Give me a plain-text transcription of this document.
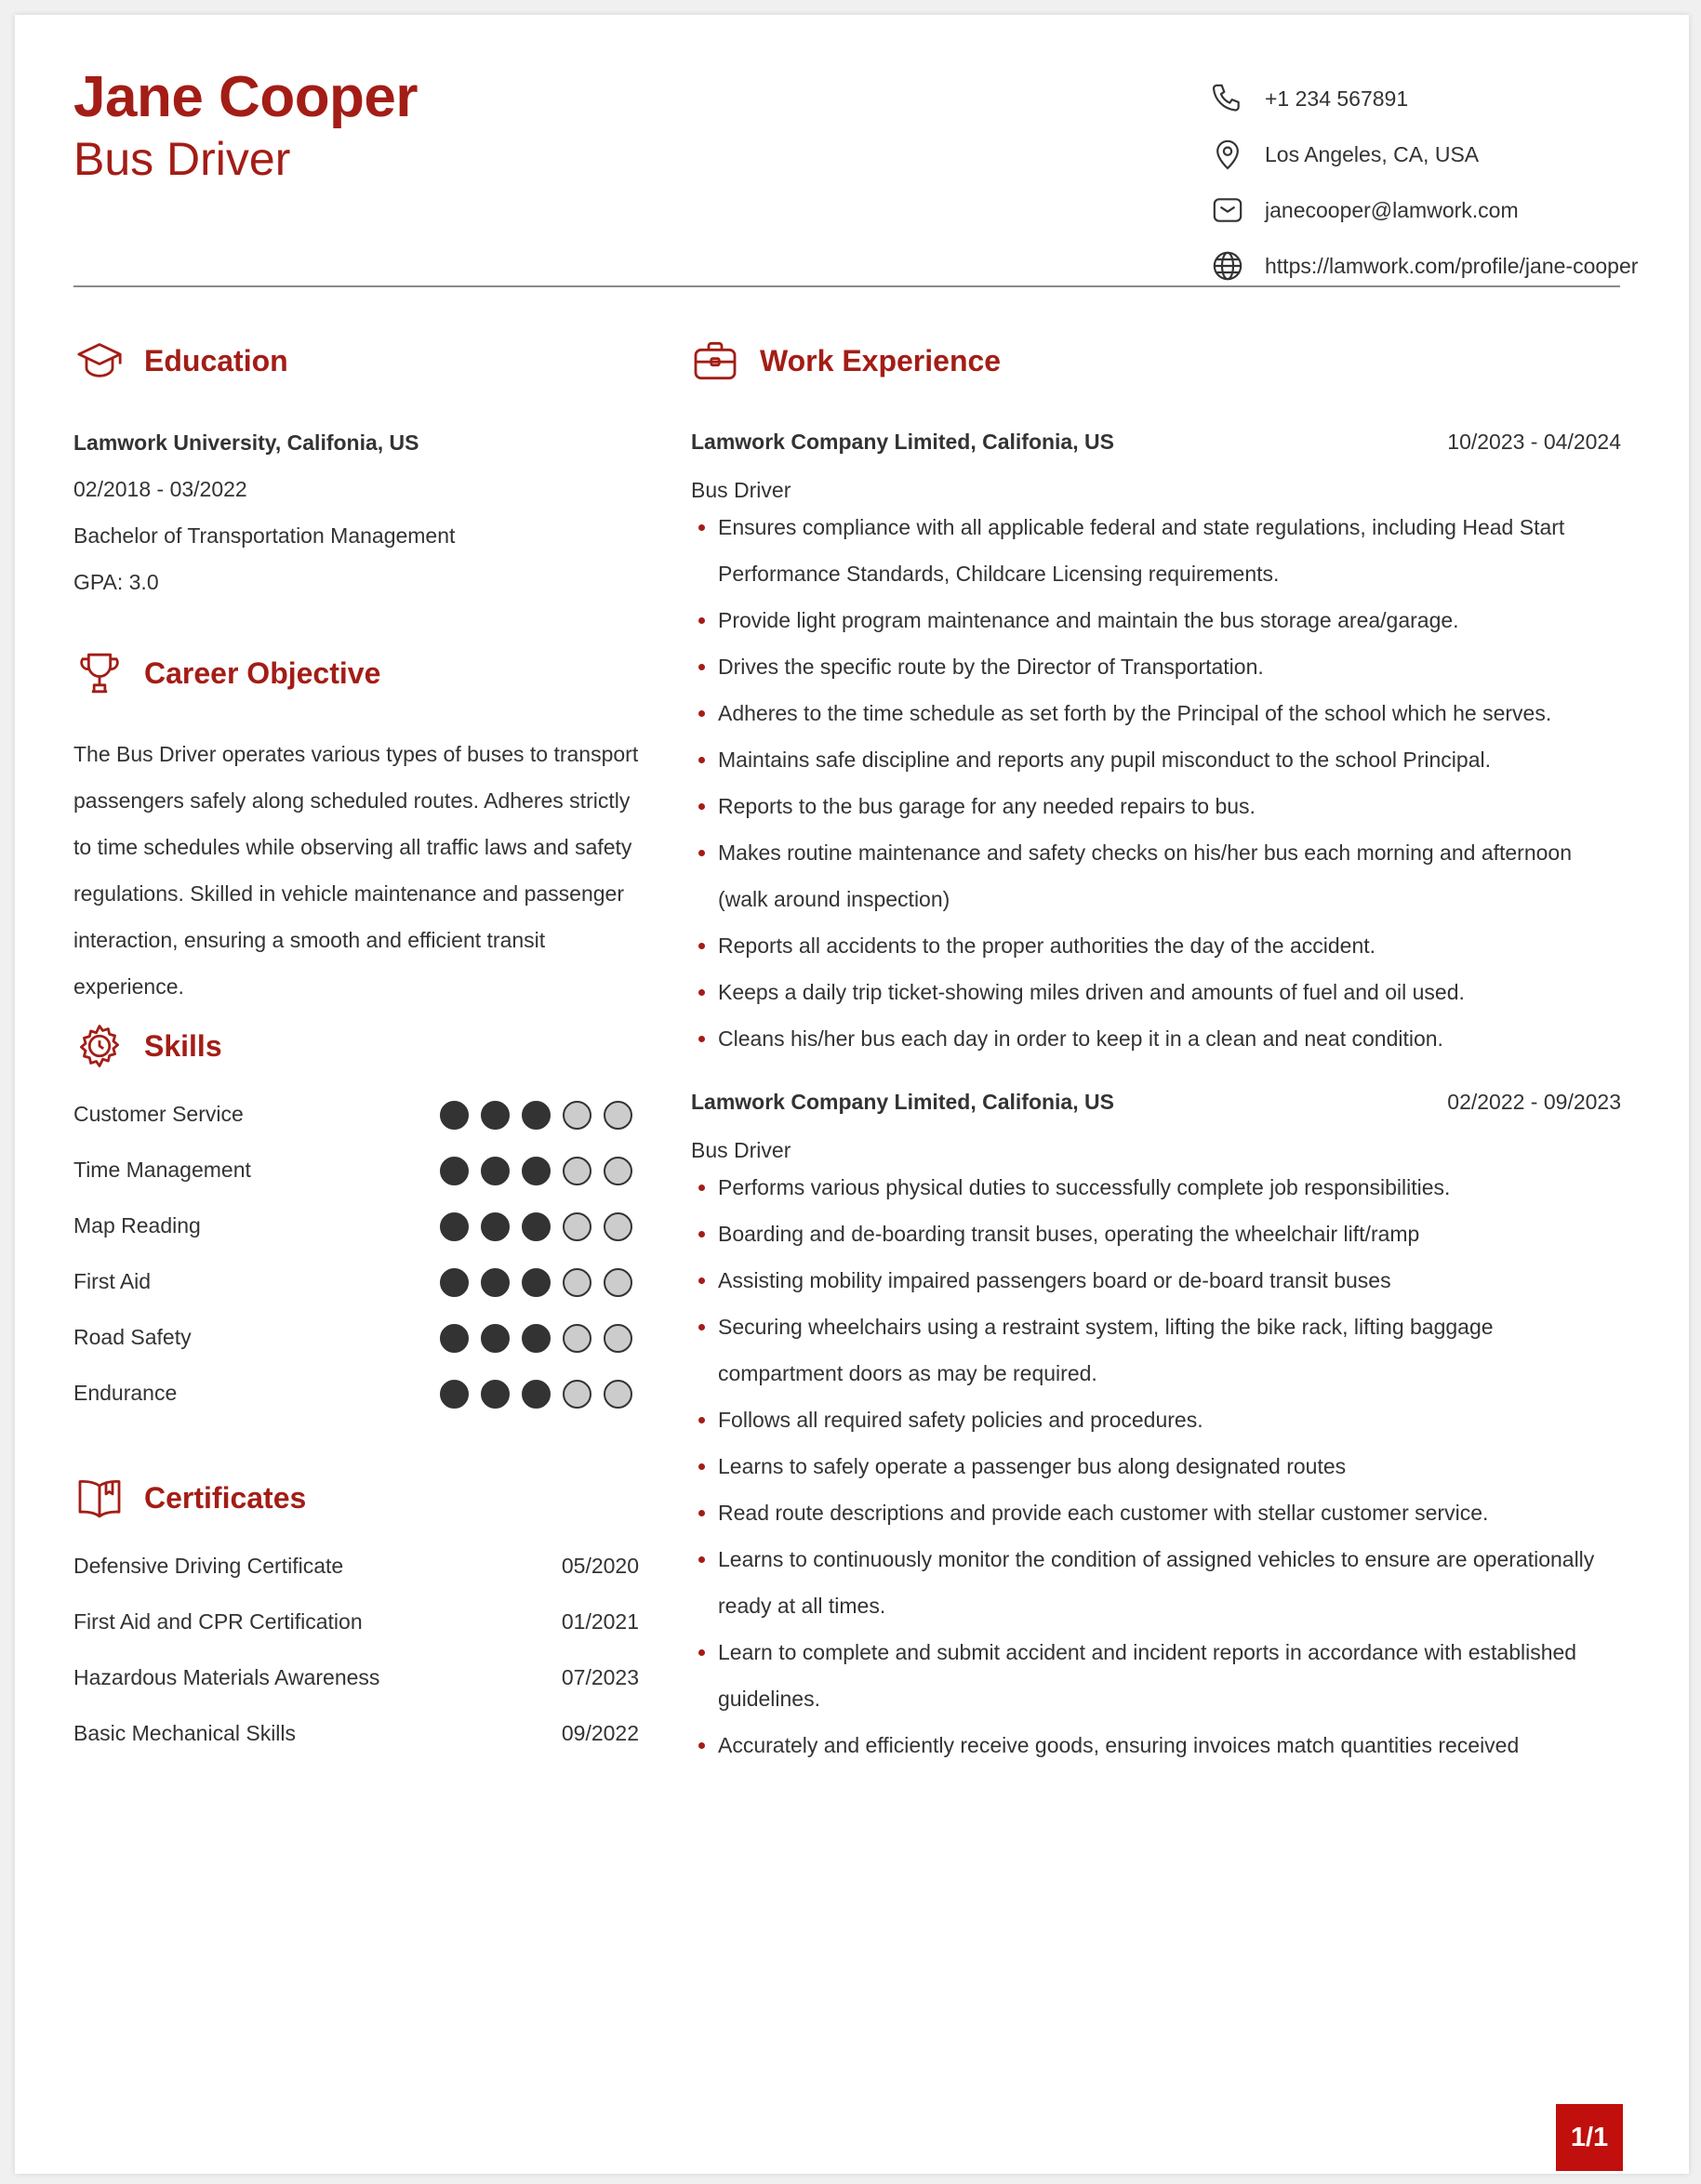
Jane Cooper
Bus Driver
+1 234 567891
Los Angeles, CA, USA
janecooper@lamwork.com
https://lamwork.com/profile/jane-cooper
Education
Lamwork University, Califonia, US
02/2018 - 03/2022
Bachelor of Transportation Management
GPA: 3.0
Career Objective
The Bus Driver operates various types of buses to transport passengers safely along scheduled routes. Adheres strictly to time schedules while observing all traffic laws and safety regulations. Skilled in vehicle maintenance and passenger interaction, ensuring a smooth and efficient transit experience.
Skills
Customer Service
Time Management
Map Reading
First Aid
Road Safety
Endurance
Certificates
Defensive Driving Certificate	05/2020
First Aid and CPR Certification	01/2021
Hazardous Materials Awareness	07/2023
Basic Mechanical Skills	09/2022
Work Experience
Lamwork Company Limited, Califonia, US	10/2023 - 04/2024
Bus Driver
Ensures compliance with all applicable federal and state regulations, including Head Start Performance Standards, Childcare Licensing requirements.
Provide light program maintenance and maintain the bus storage area/garage.
Drives the specific route by the Director of Transportation.
Adheres to the time schedule as set forth by the Principal of the school which he serves.
Maintains safe discipline and reports any pupil misconduct to the school Principal.
Reports to the bus garage for any needed repairs to bus.
Makes routine maintenance and safety checks on his/her bus each morning and afternoon (walk around inspection)
Reports all accidents to the proper authorities the day of the accident.
Keeps a daily trip ticket-showing miles driven and amounts of fuel and oil used.
Cleans his/her bus each day in order to keep it in a clean and neat condition.
Lamwork Company Limited, Califonia, US	02/2022 - 09/2023
Bus Driver
Performs various physical duties to successfully complete job responsibilities.
Boarding and de-boarding transit buses, operating the wheelchair lift/ramp
Assisting mobility impaired passengers board or de-board transit buses
Securing wheelchairs using a restraint system, lifting the bike rack, lifting baggage compartment doors as may be required.
Follows all required safety policies and procedures.
Learns to safely operate a passenger bus along designated routes
Read route descriptions and provide each customer with stellar customer service.
Learns to continuously monitor the condition of assigned vehicles to ensure are operationally ready at all times.
Learn to complete and submit accident and incident reports in accordance with established guidelines.
Accurately and efficiently receive goods, ensuring invoices match quantities received
1/1
